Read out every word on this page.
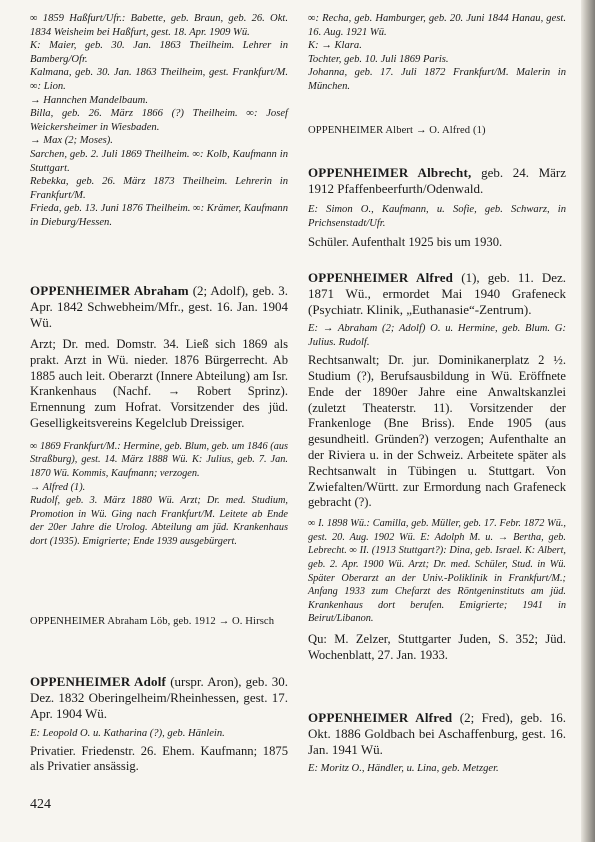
∞ 1859 Haßfurt/Ufr.: Babette, geb. Braun, geb. 26. Okt. 1834 Weisheim bei Haßfurt, gest. 18. Apr. 1909 Wü.

K: Maier, geb. 30. Jan. 1863 Theilheim. Lehrer in Bamberg/Ofr.

Kalmana, geb. 30. Jan. 1863 Theilheim, gest. Frankfurt/M. ∞: Lion.

→ Hannchen Mandelbaum.

Billa, geb. 26. März 1866 (?) Theilheim. ∞: Josef Weickersheimer in Wiesbaden.

→ Max (2; Moses).

Sarchen, geb. 2. Juli 1869 Theilheim. ∞: Kolb, Kaufmann in Stuttgart.

Rebekka, geb. 26. März 1873 Theilheim. Lehrerin in Frankfurt/M.

Frieda, geb. 13. Juni 1876 Theilheim. ∞: Krämer, Kaufmann in Dieburg/Hessen.

OPPENHEIMER Abraham (2; Adolf), geb. 3. Apr. 1842 Schwebheim/Mfr., gest. 16. Jan. 1904 Wü.

Arzt; Dr. med. Domstr. 34. Ließ sich 1869 als prakt. Arzt in Wü. nieder. 1876 Bürgerrecht. Ab 1885 auch leit. Oberarzt (Innere Abteilung) am Isr. Krankenhaus (Nachf. → Robert Sprinz). Ernennung zum Hofrat. Vorsitzender des jüd. Geselligkeitsvereins Kegelclub Dreissiger.

∞ 1869 Frankfurt/M.: Hermine, geb. Blum, geb. um 1846 (aus Straßburg), gest. 14. März 1888 Wü. K: Julius, geb. 7. Jan. 1870 Wü. Kommis, Kaufmann; verzogen.

→ Alfred (1).

Rudolf, geb. 3. März 1880 Wü. Arzt; Dr. med. Studium, Promotion in Wü. Ging nach Frankfurt/M. Leitete ab Ende der 20er Jahre die Urolog. Abteilung am jüd. Krankenhaus dort (1935). Emigrierte; Ende 1939 ausgebürgert.

OPPENHEIMER Abraham Löb, geb. 1912 → O. Hirsch

OPPENHEIMER Adolf (urspr. Aron), geb. 30. Dez. 1832 Oberingelheim/Rheinhessen, gest. 17. Apr. 1904 Wü.

E: Leopold O. u. Katharina (?), geb. Hänlein.

Privatier. Friedenstr. 26. Ehem. Kaufmann; 1875 als Privatier ansässig.

∞: Recha, geb. Hamburger, geb. 20. Juni 1844 Hanau, gest. 16. Aug. 1921 Wü.

K: → Klara.

Tochter, geb. 10. Juli 1869 Paris.

Johanna, geb. 17. Juli 1872 Frankfurt/M. Malerin in München.

OPPENHEIMER Albert → O. Alfred (1)

OPPENHEIMER Albrecht, geb. 24. März 1912 Pfaffenbeerfurth/Odenwald.

E: Simon O., Kaufmann, u. Sofie, geb. Schwarz, in Prichsenstadt/Ufr.

Schüler. Aufenthalt 1925 bis um 1930.

OPPENHEIMER Alfred (1), geb. 11. Dez. 1871 Wü., ermordet Mai 1940 Grafeneck (Psychiatr. Klinik, „Euthanasie“-Zentrum).

E: → Abraham (2; Adolf) O. u. Hermine, geb. Blum. G: Julius. Rudolf.

Rechtsanwalt; Dr. jur. Dominikanerplatz 2 ½. Studium (?), Berufsausbildung in Wü. Eröffnete Ende der 1890er Jahre eine Anwaltskanzlei (zuletzt Theaterstr. 11). Vorsitzender der Frankenloge (Bne Briss). Ende 1905 (aus gesundheitl. Gründen?) verzogen; Aufenthalte an der Riviera u. in der Schweiz. Arbeitete später als Rechtsanwalt in Tübingen u. Stuttgart. Von Zwiefalten/Württ. zur Ermordung nach Grafeneck gebracht (?).

∞ I. 1898 Wü.: Camilla, geb. Müller, geb. 17. Febr. 1872 Wü., gest. 20. Aug. 1902 Wü. E: Adolph M. u. → Bertha, geb. Lebrecht. ∞ II. (1913 Stuttgart?): Dina, geb. Israel. K: Albert, geb. 2. Apr. 1900 Wü. Arzt; Dr. med. Schüler, Stud. in Wü. Später Oberarzt an der Univ.-Poliklinik in Frankfurt/M.; Anfang 1933 zum Chefarzt des Röntgeninstituts am jüd. Krankenhaus dort berufen. Emigrierte; 1941 in Beirut/Libanon.

Qu: M. Zelzer, Stuttgarter Juden, S. 352; Jüd. Wochenblatt, 27. Jan. 1933.

OPPENHEIMER Alfred (2; Fred), geb. 16. Okt. 1886 Goldbach bei Aschaffenburg, gest. 16. Jan. 1941 Wü.

E: Moritz O., Händler, u. Lina, geb. Metzger.

424
